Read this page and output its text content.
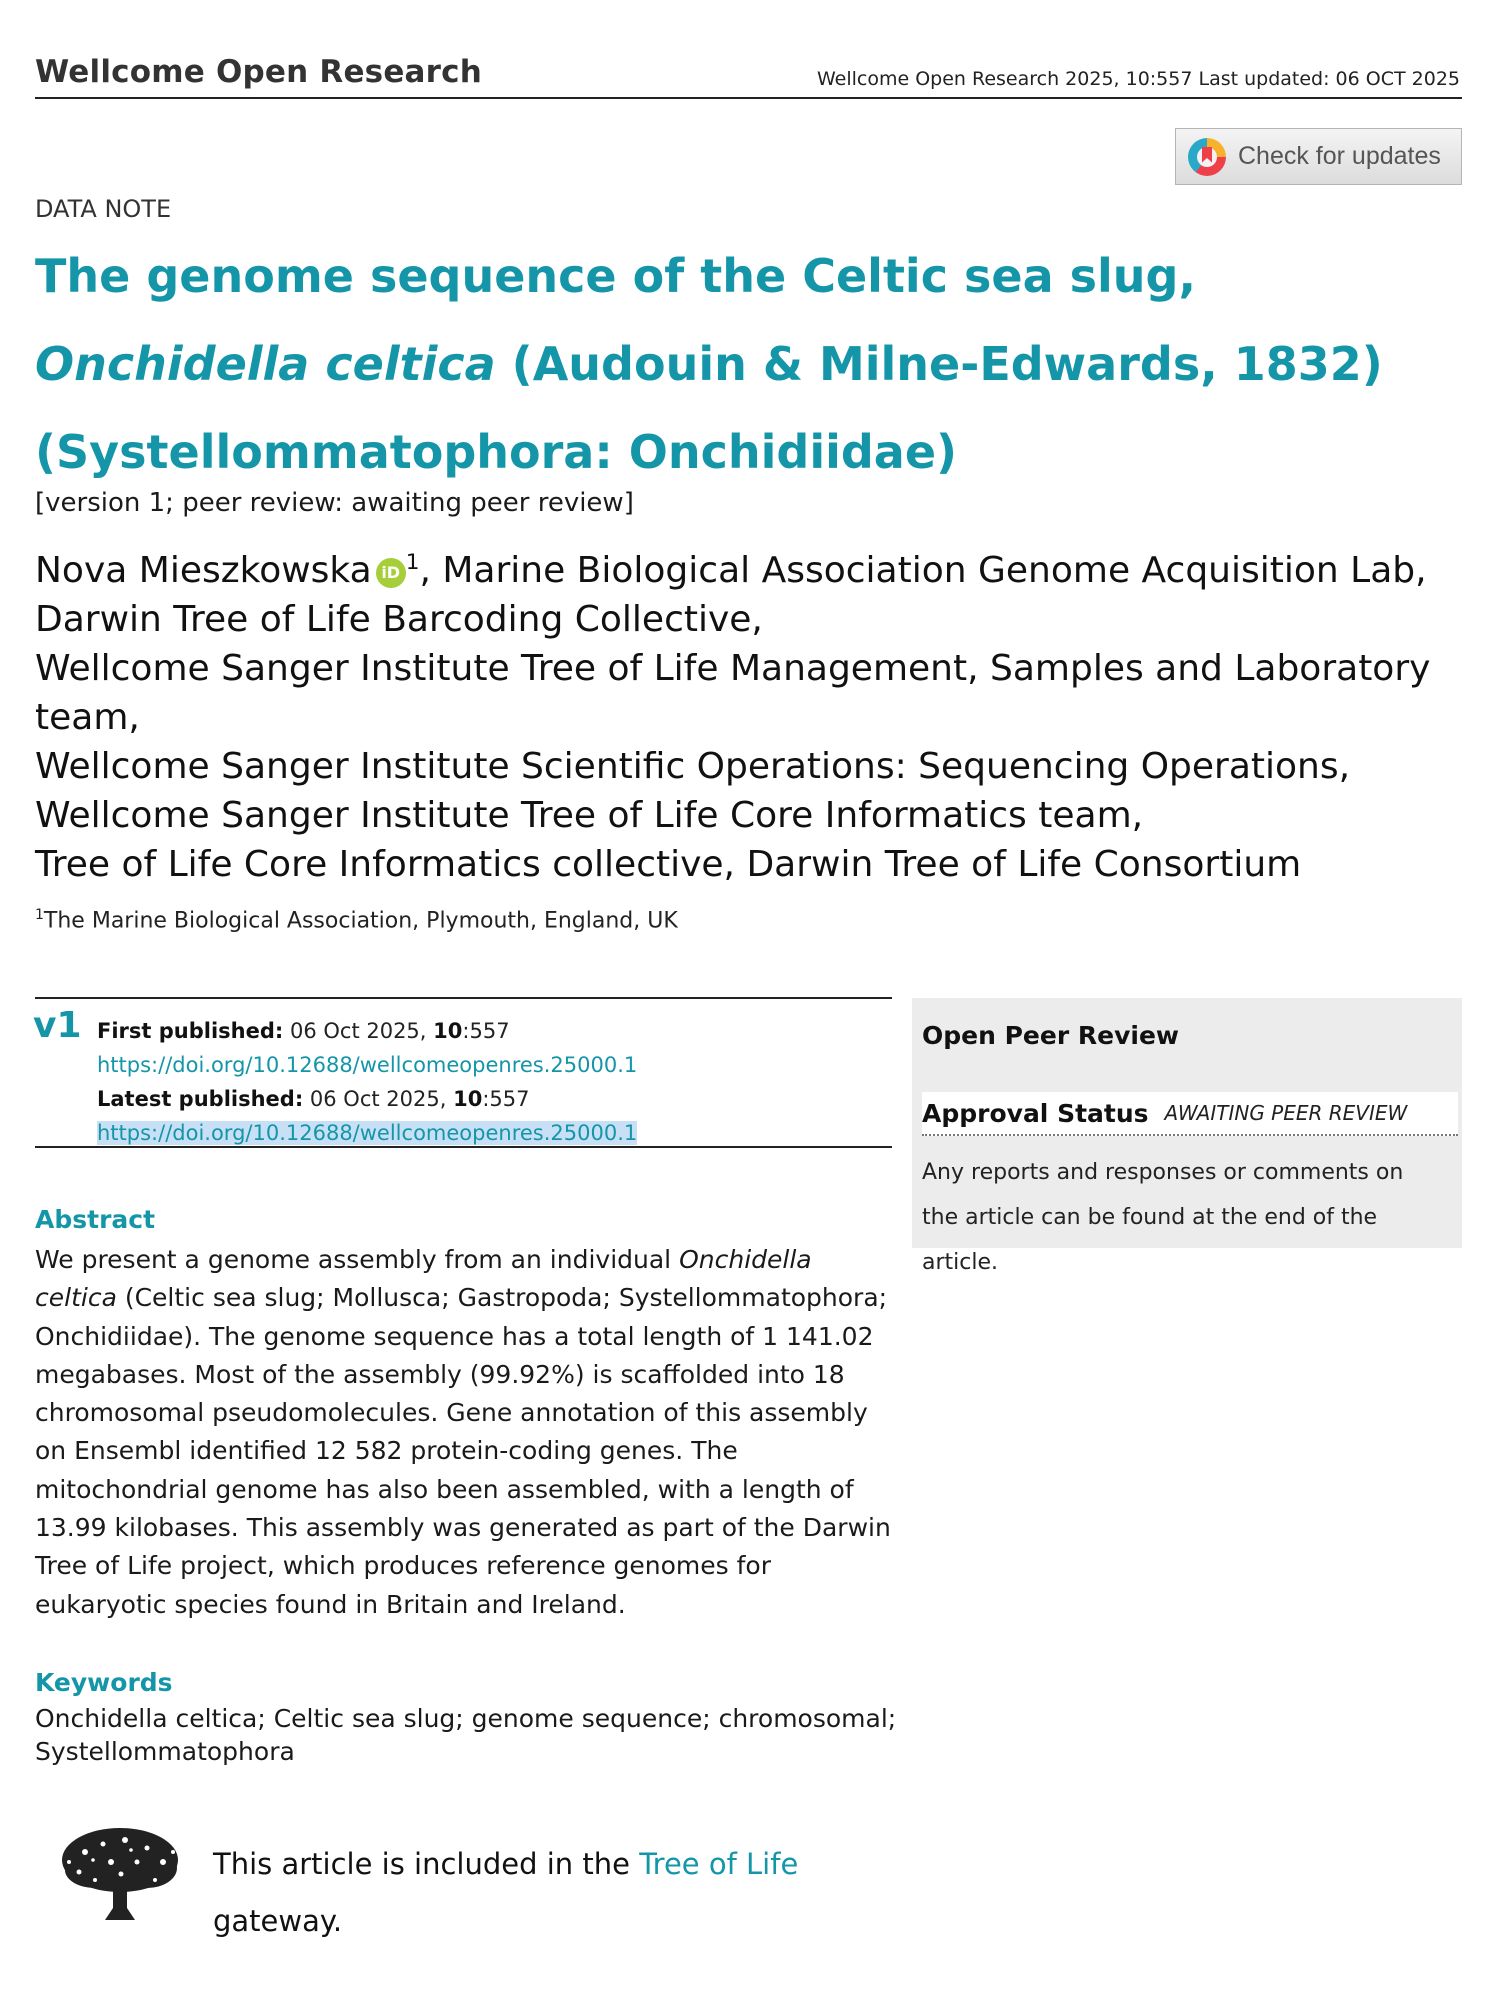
Wellcome Open Research	Wellcome Open Research 2025, 10:557 Last updated: 06 OCT 2025
Check for updates
DATA NOTE
The genome sequence of the Celtic sea slug, Onchidella celtica (Audouin & Milne-Edwards, 1832) (Systellommatophora: Onchidiidae)
[version 1; peer review: awaiting peer review]
Nova Mieszkowska iD $^1$, Marine Biological Association Genome Acquisition Lab,
Darwin Tree of Life Barcoding Collective,
Wellcome Sanger Institute Tree of Life Management, Samples and Laboratory team,
Wellcome Sanger Institute Scientific Operations: Sequencing Operations,
Wellcome Sanger Institute Tree of Life Core Informatics team,
Tree of Life Core Informatics collective, Darwin Tree of Life Consortium
$^1$The Marine Biological Association, Plymouth, England, UK
v1 First published: 06 Oct 2025, 10:557
https://doi.org/10.12688/wellcomeopenres.25000.1
Latest published: 06 Oct 2025, 10:557
https://doi.org/10.12688/wellcomeopenres.25000.1
Open Peer Review
Approval Status AWAITING PEER REVIEW
Any reports and responses or comments on the article can be found at the end of the article.
Abstract

We present a genome assembly from an individual Onchidella celtica (Celtic sea slug; Mollusca; Gastropoda; Systellommatophora; Onchidiidae). The genome sequence has a total length of 1 141.02 megabases. Most of the assembly (99.92%) is scaffolded into 18 chromosomal pseudomolecules. Gene annotation of this assembly on Ensembl identified 12 582 protein-coding genes. The mitochondrial genome has also been assembled, with a length of 13.99 kilobases. This assembly was generated as part of the Darwin Tree of Life project, which produces reference genomes for eukaryotic species found in Britain and Ireland.

Keywords
Onchidella celtica; Celtic sea slug; genome sequence; chromosomal; Systellommatophora
This article is included in the Tree of Life gateway.
